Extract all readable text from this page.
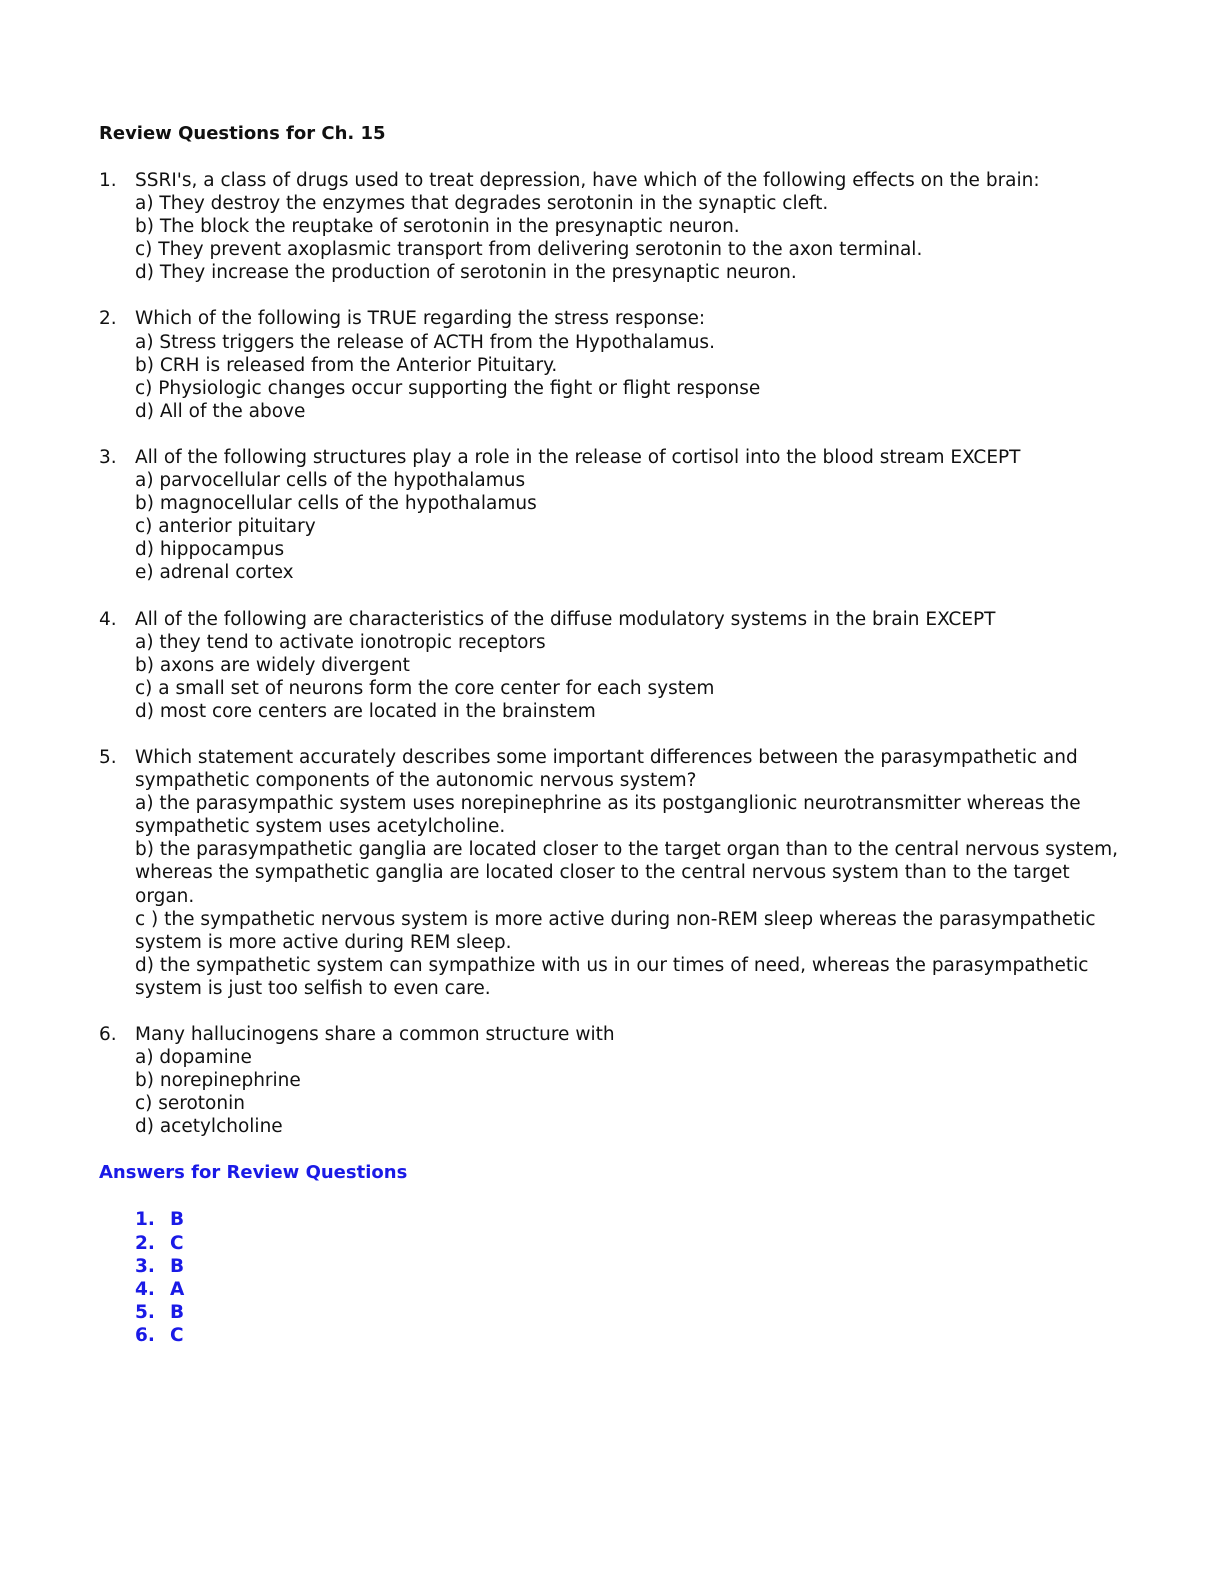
Review Questions for Ch. 15
1. SSRI's, a class of drugs used to treat depression, have which of the following effects on the brain:
a) They destroy the enzymes that degrades serotonin in the synaptic cleft.
b) The block the reuptake of serotonin in the presynaptic neuron.
c) They prevent axoplasmic transport from delivering serotonin to the axon terminal.
d) They increase the production of serotonin in the presynaptic neuron.
2. Which of the following is TRUE regarding the stress response:
a) Stress triggers the release of ACTH from the Hypothalamus.
b) CRH is released from the Anterior Pituitary.
c) Physiologic changes occur supporting the fight or flight response
d) All of the above
3. All of the following structures play a role in the release of cortisol into the blood stream EXCEPT
a) parvocellular cells of the hypothalamus
b) magnocellular cells of the hypothalamus
c) anterior pituitary
d) hippocampus
e) adrenal cortex
4. All of the following are characteristics of the diffuse modulatory systems in the brain EXCEPT
a) they tend to activate ionotropic receptors
b) axons are widely divergent
c) a small set of neurons form the core center for each system
d) most core centers are located in the brainstem
5. Which statement accurately describes some important differences between the parasympathetic and sympathetic components of the autonomic nervous system?
a) the parasympathic system uses norepinephrine as its postganglionic neurotransmitter whereas the sympathetic system uses acetylcholine.
b) the parasympathetic ganglia are located closer to the target organ than to the central nervous system, whereas the sympathetic ganglia are located closer to the central nervous system than to the target organ.
c ) the sympathetic nervous system is more active during non-REM sleep whereas the parasympathetic system is more active during REM sleep.
d) the sympathetic system can sympathize with us in our times of need, whereas the parasympathetic system is just too selfish to even care.
6. Many hallucinogens share a common structure with
a) dopamine
b) norepinephrine
c) serotonin
d) acetylcholine
Answers for Review Questions
1. B
2. C
3. B
4. A
5. B
6. C
